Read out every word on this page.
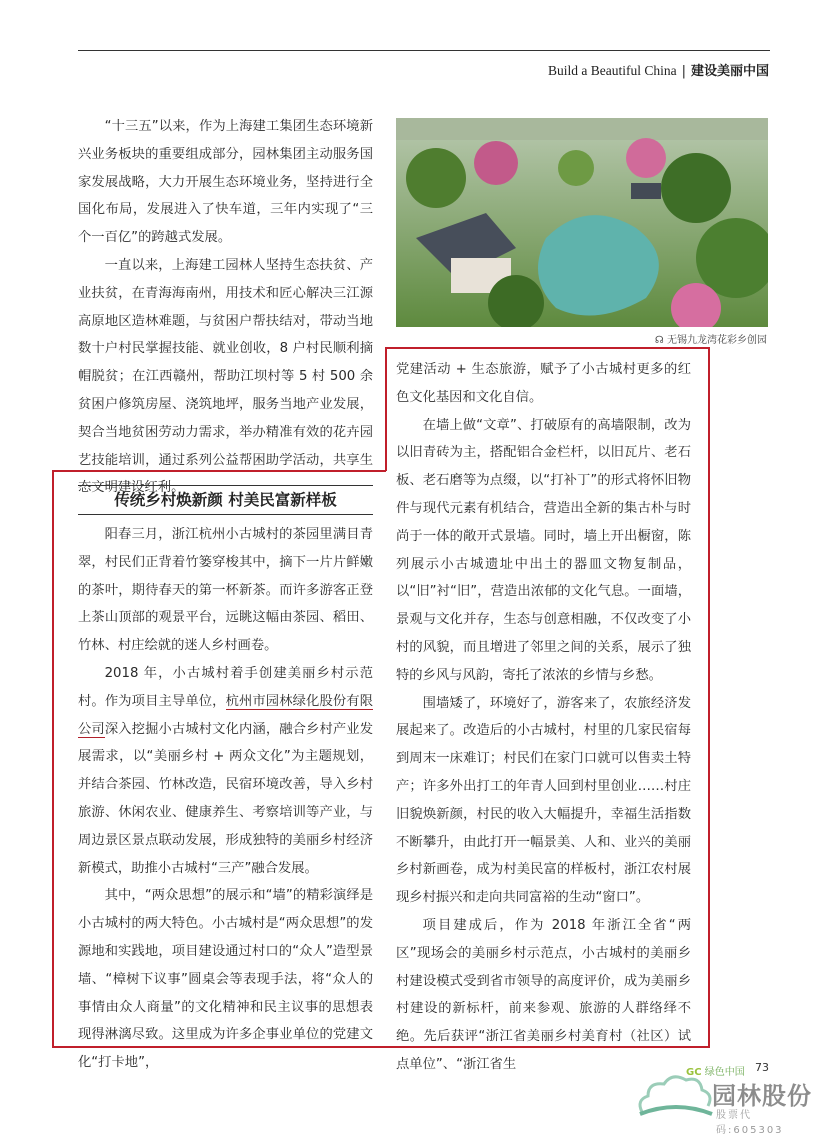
Build a Beautiful China | 建设美丽中国
☊ 无锡九龙湾花彩乡创园

“十三五”以来，作为上海建工集团生态环境新兴业务板块的重要组成部分，园林集团主动服务国家发展战略，大力开展生态环境业务，坚持进行全国化布局，发展进入了快车道，三年内实现了“三个一百亿”的跨越式发展。

一直以来，上海建工园林人坚持生态扶贫、产业扶贫，在青海海南州，用技术和匠心解决三江源高原地区造林难题，与贫困户帮扶结对，带动当地数十户村民掌握技能、就业创收，8 户村民顺利摘帽脱贫；在江西赣州，帮助江坝村等 5 村 500 余贫困户修筑房屋、浇筑地坪，服务当地产业发展，契合当地贫困劳动力需求，举办精准有效的花卉园艺技能培训，通过系列公益帮困助学活动，共享生态文明建设红利。

传统乡村焕新颜 村美民富新样板

阳春三月，浙江杭州小古城村的茶园里满目青翠，村民们正背着竹篓穿梭其中，摘下一片片鲜嫩的茶叶，期待春天的第一杯新茶。而许多游客正登上茶山顶部的观景平台，远眺这幅由茶园、稻田、竹林、村庄绘就的迷人乡村画卷。

2018 年，小古城村着手创建美丽乡村示范村。作为项目主导单位，杭州市园林绿化股份有限公司深入挖掘小古城村文化内涵，融合乡村产业发展需求，以“美丽乡村 + 两众文化”为主题规划，并结合茶园、竹林改造，民宿环境改善，导入乡村旅游、休闲农业、健康养生、考察培训等产业，与周边景区景点联动发展，形成独特的美丽乡村经济新模式，助推小古城村“三产”融合发展。

其中，“两众思想”的展示和“墙”的精彩演绎是小古城村的两大特色。小古城村是“两众思想”的发源地和实践地，项目建设通过村口的“众人”造型景墙、“樟树下议事”圆桌会等表现手法，将“众人的事情由众人商量”的文化精神和民主议事的思想表现得淋漓尽致。这里成为许多企事业单位的党建文化“打卡地”，

党建活动 + 生态旅游，赋予了小古城村更多的红色文化基因和文化自信。

在墙上做“文章”、打破原有的高墙限制，改为以旧青砖为主，搭配铝合金栏杆，以旧瓦片、老石板、老石磨等为点缀，以“打补丁”的形式将怀旧物件与现代元素有机结合，营造出全新的集古朴与时尚于一体的敞开式景墙。同时，墙上开出橱窗，陈列展示小古城遗址中出土的器皿文物复制品，以“旧”衬“旧”，营造出浓郁的文化气息。一面墙，景观与文化并存，生态与创意相融，不仅改变了小村的风貌，而且增进了邻里之间的关系，展示了独特的乡风与风韵，寄托了浓浓的乡情与乡愁。

围墙矮了，环境好了，游客来了，农旅经济发展起来了。改造后的小古城村，村里的几家民宿每到周末一床难订；村民们在家门口就可以售卖土特产；许多外出打工的年青人回到村里创业……村庄旧貌焕新颜，村民的收入大幅提升，幸福生活指数不断攀升，由此打开一幅景美、人和、业兴的美丽乡村新画卷，成为村美民富的样板村，浙江农村展现乡村振兴和走向共同富裕的生动“窗口”。

项目建成后，作为 2018 年浙江全省“两区”现场会的美丽乡村示范点，小古城村的美丽乡村建设模式受到省市领导的高度评价，成为美丽乡村建设的新标杆，前来参观、旅游的人群络绎不绝。先后获评“浙江省美丽乡村美育村（社区）试点单位”、“浙江省生

GC 绿色中国 73
园林股份
股票代码:605303
